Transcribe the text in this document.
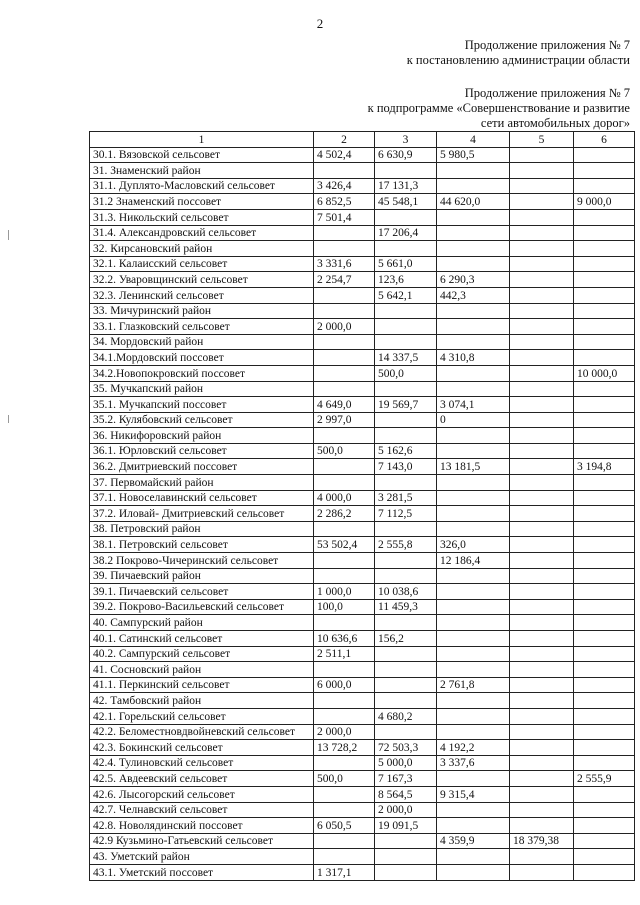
2
Продолжение приложения № 7
к постановлению администрации области
Продолжение приложения № 7
к подпрограмме «Совершенствование и развитие
сети автомобильных дорог»
1	2	3	4	5	6
30.1. Вязовской сельсовет	4 502,4	6 630,9	5 980,5		
31. Знаменский район					
31.1. Дуплято-Масловский сельсовет	3 426,4	17 131,3			
31.2 Знаменский поссовет	6 852,5	45 548,1	44 620,0		9 000,0
31.3. Никольский сельсовет	7 501,4				
31.4. Александровский сельсовет		17 206,4			
32. Кирсановский район					
32.1. Калаисский сельсовет	3 331,6	5 661,0			
32.2. Уваровщинский сельсовет	2 254,7	123,6	6 290,3		
32.3. Ленинский сельсовет		5 642,1	442,3		
33. Мичуринский район					
33.1. Глазковский сельсовет	2 000,0				
34. Мордовский район					
34.1.Мордовский поссовет		14 337,5	4 310,8		
34.2.Новопокровский поссовет		500,0			10 000,0
35. Мучкапский район					
35.1. Мучкапский поссовет	4 649,0	19 569,7	3 074,1		
35.2. Кулябовский сельсовет	2 997,0		0		
36. Никифоровский район					
36.1. Юрловский сельсовет	500,0	5 162,6			
36.2. Дмитриевский поссовет		7 143,0	13 181,5		3 194,8
37. Первомайский район					
37.1. Новоселавинский сельсовет	4 000,0	3 281,5			
37.2. Иловай- Дмитриевский сельсовет	2 286,2	7 112,5			
38. Петровский район					
38.1. Петровский сельсовет	53 502,4	2 555,8	326,0		
38.2 Покрово-Чичеринский сельсовет			12 186,4		
39. Пичаевский район					
39.1. Пичаевский сельсовет	1 000,0	10 038,6			
39.2. Покрово-Васильевский сельсовет	100,0	11 459,3			
40. Сампурский район					
40.1. Сатинский сельсовет	10 636,6	156,2			
40.2. Сампурский сельсовет	2 511,1				
41. Сосновский район					
41.1. Перкинский сельсовет	6 000,0		2 761,8		
42. Тамбовский район					
42.1. Горельский сельсовет		4 680,2			
42.2. Беломестновдвойневский сельсовет	2 000,0				
42.3. Бокинский сельсовет	13 728,2	72 503,3	4 192,2		
42.4. Тулиновский сельсовет		5 000,0	3 337,6		
42.5. Авдеевский сельсовет	500,0	7 167,3			2 555,9
42.6. Лысогорский сельсовет		8 564,5	9 315,4		
42.7. Челнавский сельсовет		2 000,0			
42.8. Новолядинский поссовет	6 050,5	19 091,5			
42.9 Кузьмино-Гатьевский сельсовет			4 359,9	18 379,38	
43. Уметский район					
43.1. Уметский поссовет	1 317,1				
